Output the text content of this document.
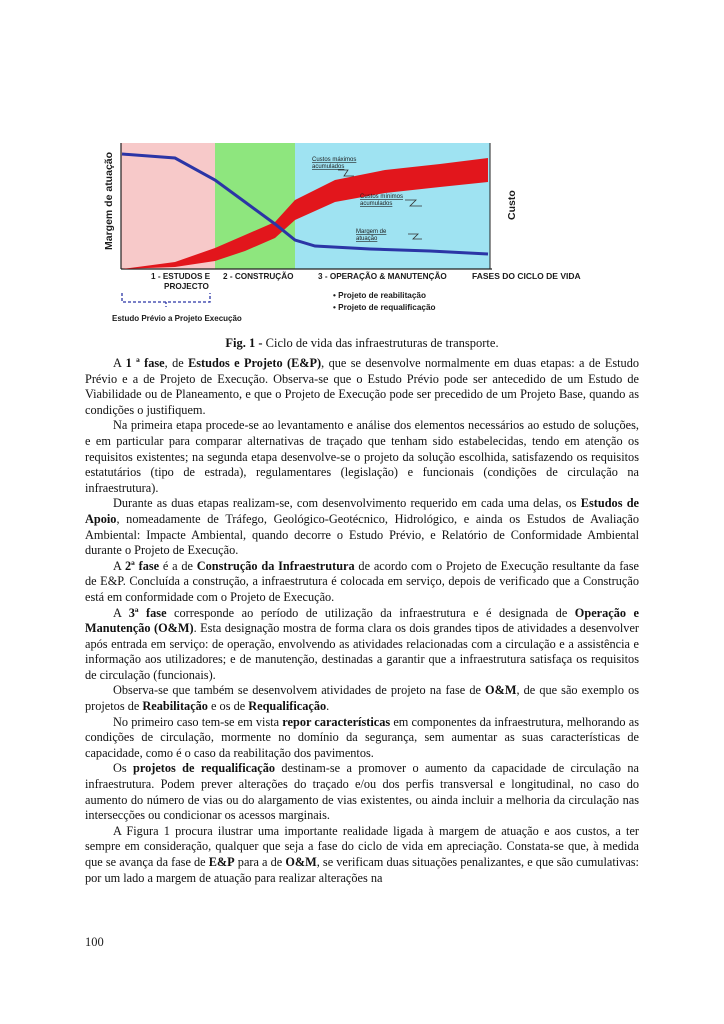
Margem de atuação	Custo
Custos máximos
acumulados
Custos mínimos
acumulados
Margem de
atuação
1 - ESTUDOS E
PROJECTO
2 - CONSTRUÇÃO	3 - OPERAÇÃO & MANUTENÇÃO	FASES DO CICLO DE VIDA
Estudo Prévio a Projeto Execução
• Projeto de reabilitação
• Projeto de requalificação
Fig. 1 - Ciclo de vida das infraestruturas de transporte.

A 1 ª fase, de Estudos e Projeto (E&P), que se desenvolve normalmente em duas etapas: a de Estudo Prévio e a de Projeto de Execução. Observa-se que o Estudo Prévio pode ser antecedido de um Estudo de Viabilidade ou de Planeamento, e que o Projeto de Execução pode ser precedido de um Projeto Base, quando as condições o justifiquem.

Na primeira etapa procede-se ao levantamento e análise dos elementos necessários ao estudo de soluções, e em particular para comparar alternativas de traçado que tenham sido estabelecidas, tendo em atenção os requisitos existentes; na segunda etapa desenvolve-se o projeto da solução escolhida, satisfazendo os requisitos estatutários (tipo de estrada), regulamentares (legislação) e funcionais (condições de circulação na infraestrutura).

Durante as duas etapas realizam-se, com desenvolvimento requerido em cada uma delas, os Estudos de Apoio, nomeadamente de Tráfego, Geológico-Geotécnico, Hidrológico, e ainda os Estudos de Avaliação Ambiental: Impacte Ambiental, quando decorre o Estudo Prévio, e Relatório de Conformidade Ambiental durante o Projeto de Execução.

A 2ª fase é a de Construção da Infraestrutura de acordo com o Projeto de Execução resultante da fase de E&P. Concluída a construção, a infraestrutura é colocada em serviço, depois de verificado que a Construção está em conformidade com o Projeto de Execução.

A 3ª fase corresponde ao período de utilização da infraestrutura e é designada de Operação e Manutenção (O&M). Esta designação mostra de forma clara os dois grandes tipos de atividades a desenvolver após entrada em serviço: de operação, envolvendo as atividades relacionadas com a circulação e a assistência e informação aos utilizadores; e de manutenção, destinadas a garantir que a infraestrutura satisfaça os requisitos de circulação (funcionais).

Observa-se que também se desenvolvem atividades de projeto na fase de O&M, de que são exemplo os projetos de Reabilitação e os de Requalificação.

No primeiro caso tem-se em vista repor características em componentes da infraestrutura, melhorando as condições de circulação, mormente no domínio da segurança, sem aumentar as suas características de capacidade, como é o caso da reabilitação dos pavimentos.

Os projetos de requalificação destinam-se a promover o aumento da capacidade de circulação na infraestrutura. Podem prever alterações do traçado e/ou dos perfis transversal e longitudinal, no caso do aumento do número de vias ou do alargamento de vias existentes, ou ainda incluir a melhoria da circulação nas intersecções ou condicionar os acessos marginais.

A Figura 1 procura ilustrar uma importante realidade ligada à margem de atuação e aos custos, a ter sempre em consideração, qualquer que seja a fase do ciclo de vida em apreciação. Constata-se que, à medida que se avança da fase de E&P para a de O&M, se verificam duas situações penalizantes, e que são cumulativas: por um lado a margem de atuação para realizar alterações na

100
